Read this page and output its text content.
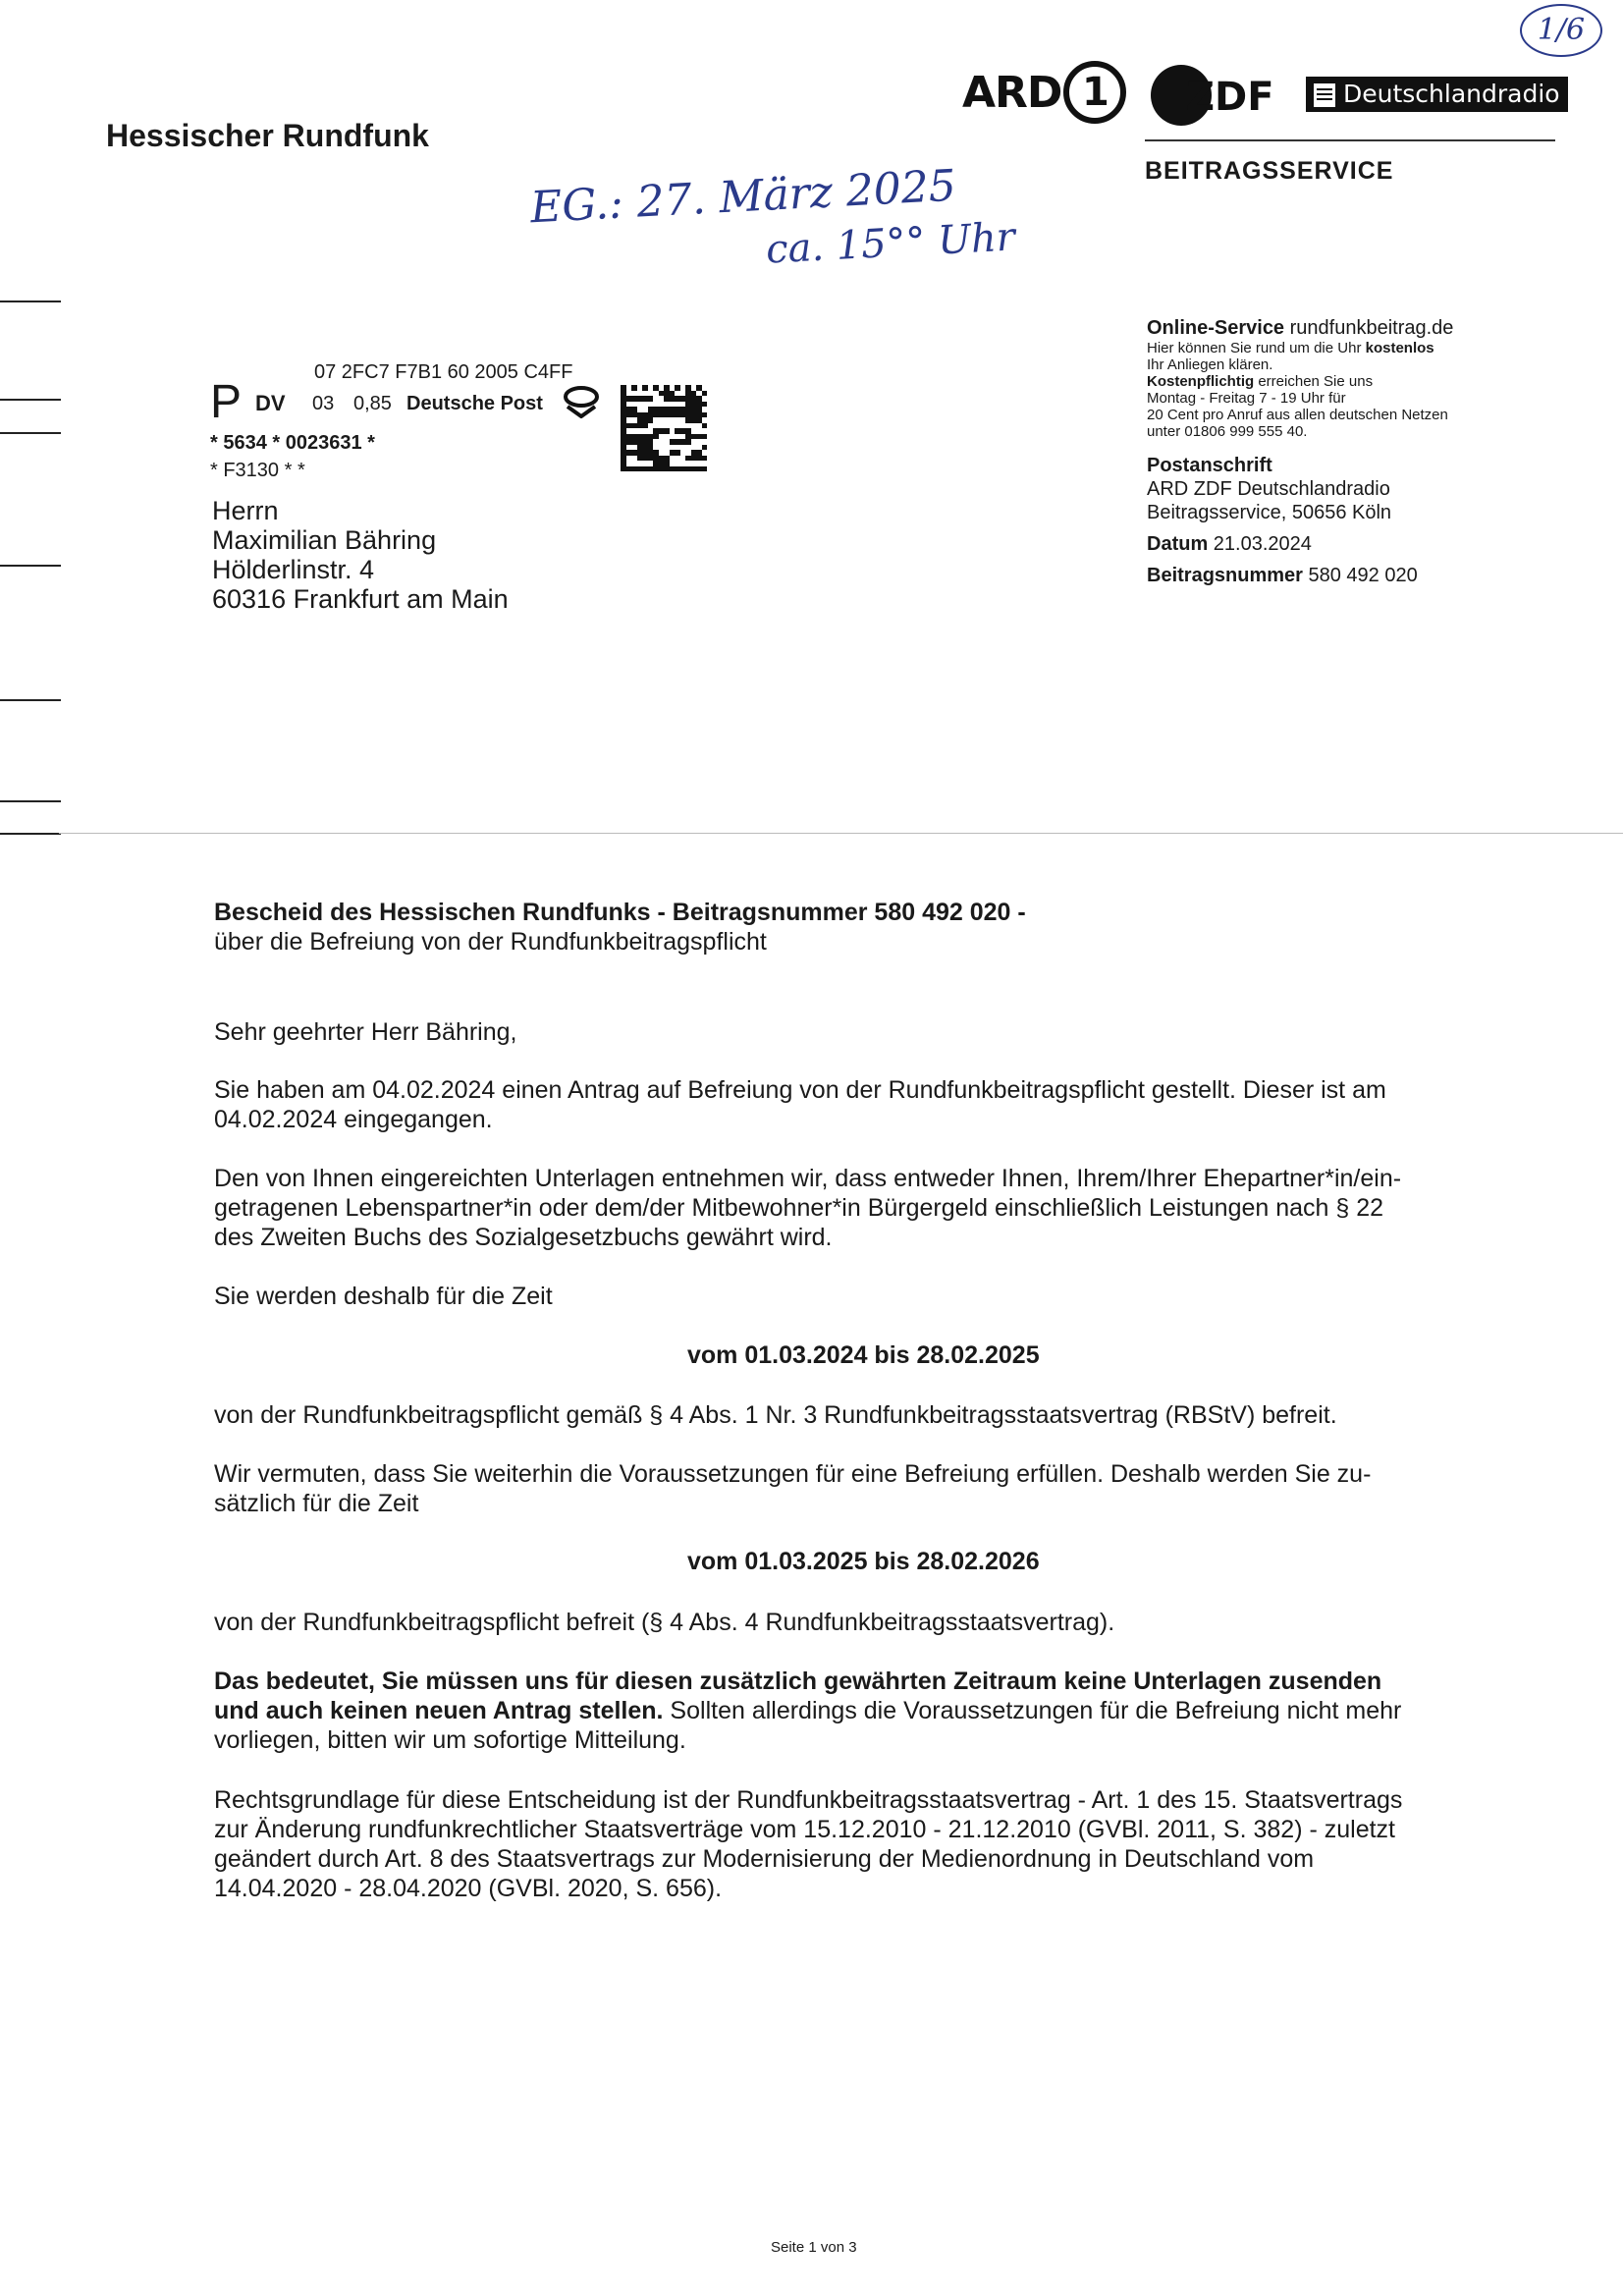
Hessischer Rundfunk
ARD 1	ZDF	Deutschlandradio
BEITRAGSSERVICE
1/6
EG.: 27. März 2025
ca. 15°° Uhr
07 2FC7 F7B1 60 2005 C4FF
P DV 03 0,85 Deutsche Post
* 5634 * 0023631 *
* F3130 * *
Herrn
Maximilian Bähring
Hölderlinstr. 4
60316 Frankfurt am Main
Online-Service rundfunkbeitrag.de
Hier können Sie rund um die Uhr kostenlos
Ihr Anliegen klären.
Kostenpflichtig erreichen Sie uns
Montag - Freitag 7 - 19 Uhr für
20 Cent pro Anruf aus allen deutschen Netzen
unter 01806 999 555 40.
Postanschrift
ARD ZDF Deutschlandradio
Beitragsservice, 50656 Köln
Datum 21.03.2024
Beitragsnummer 580 492 020
Bescheid des Hessischen Rundfunks - Beitragsnummer 580 492 020 -
über die Befreiung von der Rundfunkbeitragspflicht
Sehr geehrter Herr Bähring,
Sie haben am 04.02.2024 einen Antrag auf Befreiung von der Rundfunkbeitragspflicht gestellt. Dieser ist am
04.02.2024 eingegangen.
Den von Ihnen eingereichten Unterlagen entnehmen wir, dass entweder Ihnen, Ihrem/Ihrer Ehepartner*in/ein-
getragenen Lebenspartner*in oder dem/der Mitbewohner*in Bürgergeld einschließlich Leistungen nach § 22
des Zweiten Buchs des Sozialgesetzbuchs gewährt wird.
Sie werden deshalb für die Zeit
vom 01.03.2024 bis 28.02.2025
von der Rundfunkbeitragspflicht gemäß § 4 Abs. 1 Nr. 3 Rundfunkbeitragsstaatsvertrag (RBStV) befreit.
Wir vermuten, dass Sie weiterhin die Voraussetzungen für eine Befreiung erfüllen. Deshalb werden Sie zu-
sätzlich für die Zeit
vom 01.03.2025 bis 28.02.2026
von der Rundfunkbeitragspflicht befreit (§ 4 Abs. 4 Rundfunkbeitragsstaatsvertrag).
Das bedeutet, Sie müssen uns für diesen zusätzlich gewährten Zeitraum keine Unterlagen zusenden
und auch keinen neuen Antrag stellen. Sollten allerdings die Voraussetzungen für die Befreiung nicht mehr
vorliegen, bitten wir um sofortige Mitteilung.
Rechtsgrundlage für diese Entscheidung ist der Rundfunkbeitragsstaatsvertrag - Art. 1 des 15. Staatsvertrags
zur Änderung rundfunkrechtlicher Staatsverträge vom 15.12.2010 - 21.12.2010 (GVBl. 2011, S. 382) - zuletzt
geändert durch Art. 8 des Staatsvertrags zur Modernisierung der Medienordnung in Deutschland vom
14.04.2020 - 28.04.2020 (GVBl. 2020, S. 656).
Seite 1 von 3
